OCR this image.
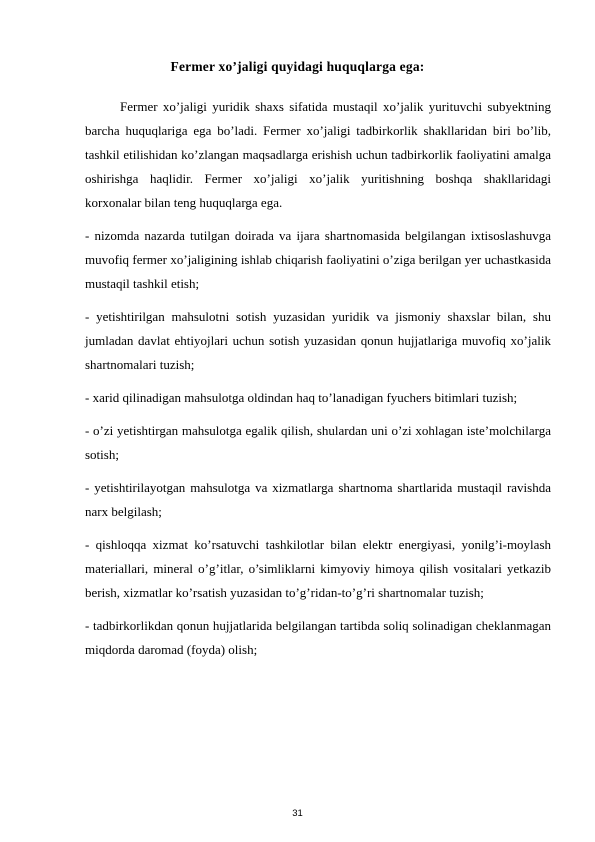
Fermer xo’jaligi quyidagi huquqlarga ega:

Fermer xo’jaligi yuridik shaxs sifatida mustaqil xo’jalik yurituvchi subyektning barcha huquqlariga ega bo’ladi. Fermer xo’jaligi tadbirkorlik shakllaridan biri bo’lib, tashkil etilishidan ko’zlangan maqsadlarga erishish uchun tadbirkorlik faoliyatini amalga oshirishga haqlidir. Fermer xo’jaligi xo’jalik yuritishning boshqa shakllaridagi korxonalar bilan teng huquqlarga ega.

- nizomda nazarda tutilgan doirada va ijara shartnomasida belgilangan ixtisoslashuvga muvofiq fermer xo’jaligining ishlab chiqarish faoliyatini o’ziga berilgan yer uchastkasida mustaqil tashkil etish;

- yetishtirilgan mahsulotni sotish yuzasidan yuridik va jismoniy shaxslar bilan, shu jumladan davlat ehtiyojlari uchun sotish yuzasidan qonun hujjatlariga muvofiq xo’jalik shartnomalari tuzish;

- xarid qilinadigan mahsulotga oldindan haq to’lanadigan fyuchers bitimlari tuzish;

- o’zi yetishtirgan mahsulotga egalik qilish, shulardan uni o’zi xohlagan iste’molchilarga sotish;

- yetishtirilayotgan mahsulotga va xizmatlarga shartnoma shartlarida mustaqil ravishda narx belgilash;

- qishloqqa xizmat ko’rsatuvchi tashkilotlar bilan elektr energiyasi, yonilg’i-moylash materiallari, mineral o’g’itlar, o’simliklarni kimyoviy himoya qilish vositalari yetkazib berish, xizmatlar ko’rsatish yuzasidan to’g’ridan-to’g’ri shartnomalar tuzish;

- tadbirkorlikdan qonun hujjatlarida belgilangan tartibda soliq solinadigan cheklanmagan miqdorda daromad (foyda) olish;

31
